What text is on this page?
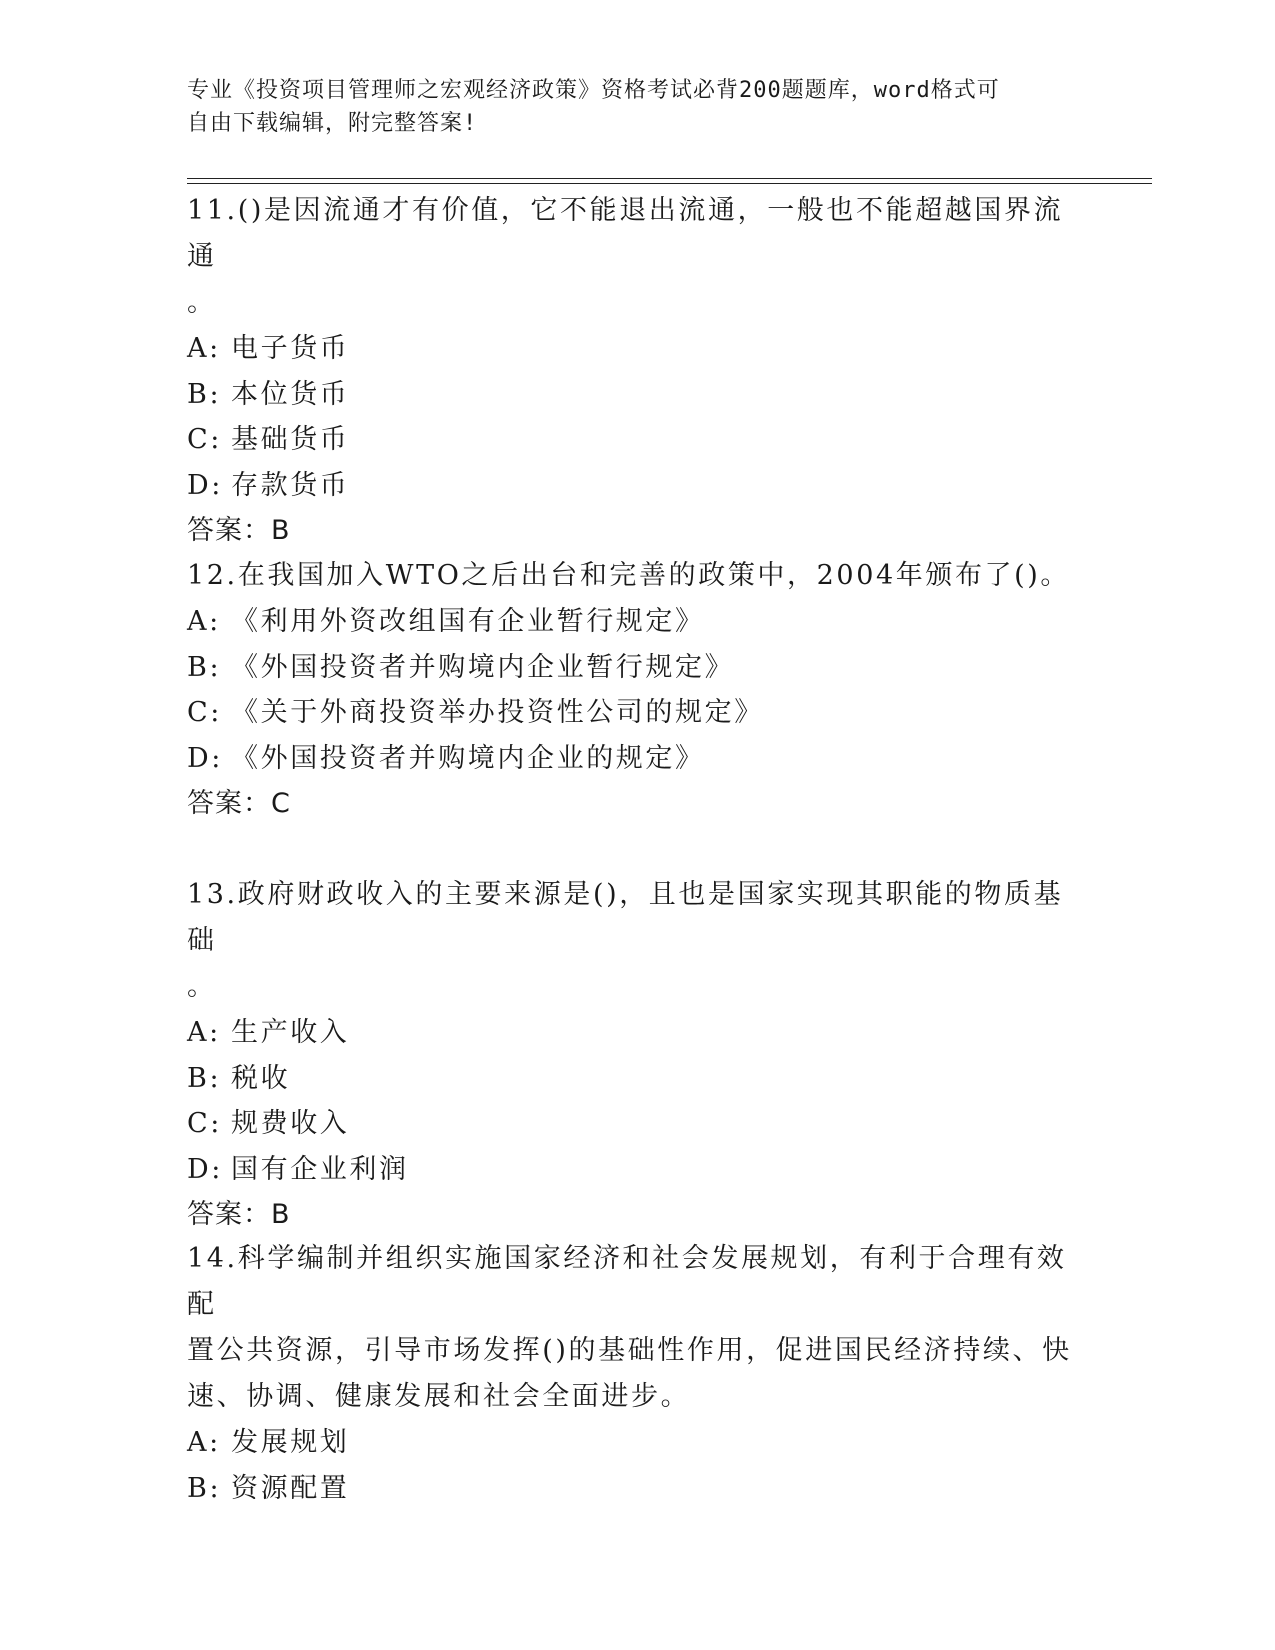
专业《投资项目管理师之宏观经济政策》资格考试必背200题题库，word格式可
自由下载编辑，附完整答案!

11.()是因流通才有价值，它不能退出流通，一般也不能超越国界流通

。

A: 电子货币

B: 本位货币

C: 基础货币

D: 存款货币

答案：B

12.在我国加入WTO之后出台和完善的政策中，2004年颁布了()。

A: 《利用外资改组国有企业暂行规定》

B: 《外国投资者并购境内企业暂行规定》

C: 《关于外商投资举办投资性公司的规定》

D: 《外国投资者并购境内企业的规定》

答案：C

13.政府财政收入的主要来源是()，且也是国家实现其职能的物质基础

。

A: 生产收入

B: 税收

C: 规费收入

D: 国有企业利润

答案：B

14.科学编制并组织实施国家经济和社会发展规划，有利于合理有效配

置公共资源，引导市场发挥()的基础性作用，促进国民经济持续、快

速、协调、健康发展和社会全面进步。

A: 发展规划

B: 资源配置
